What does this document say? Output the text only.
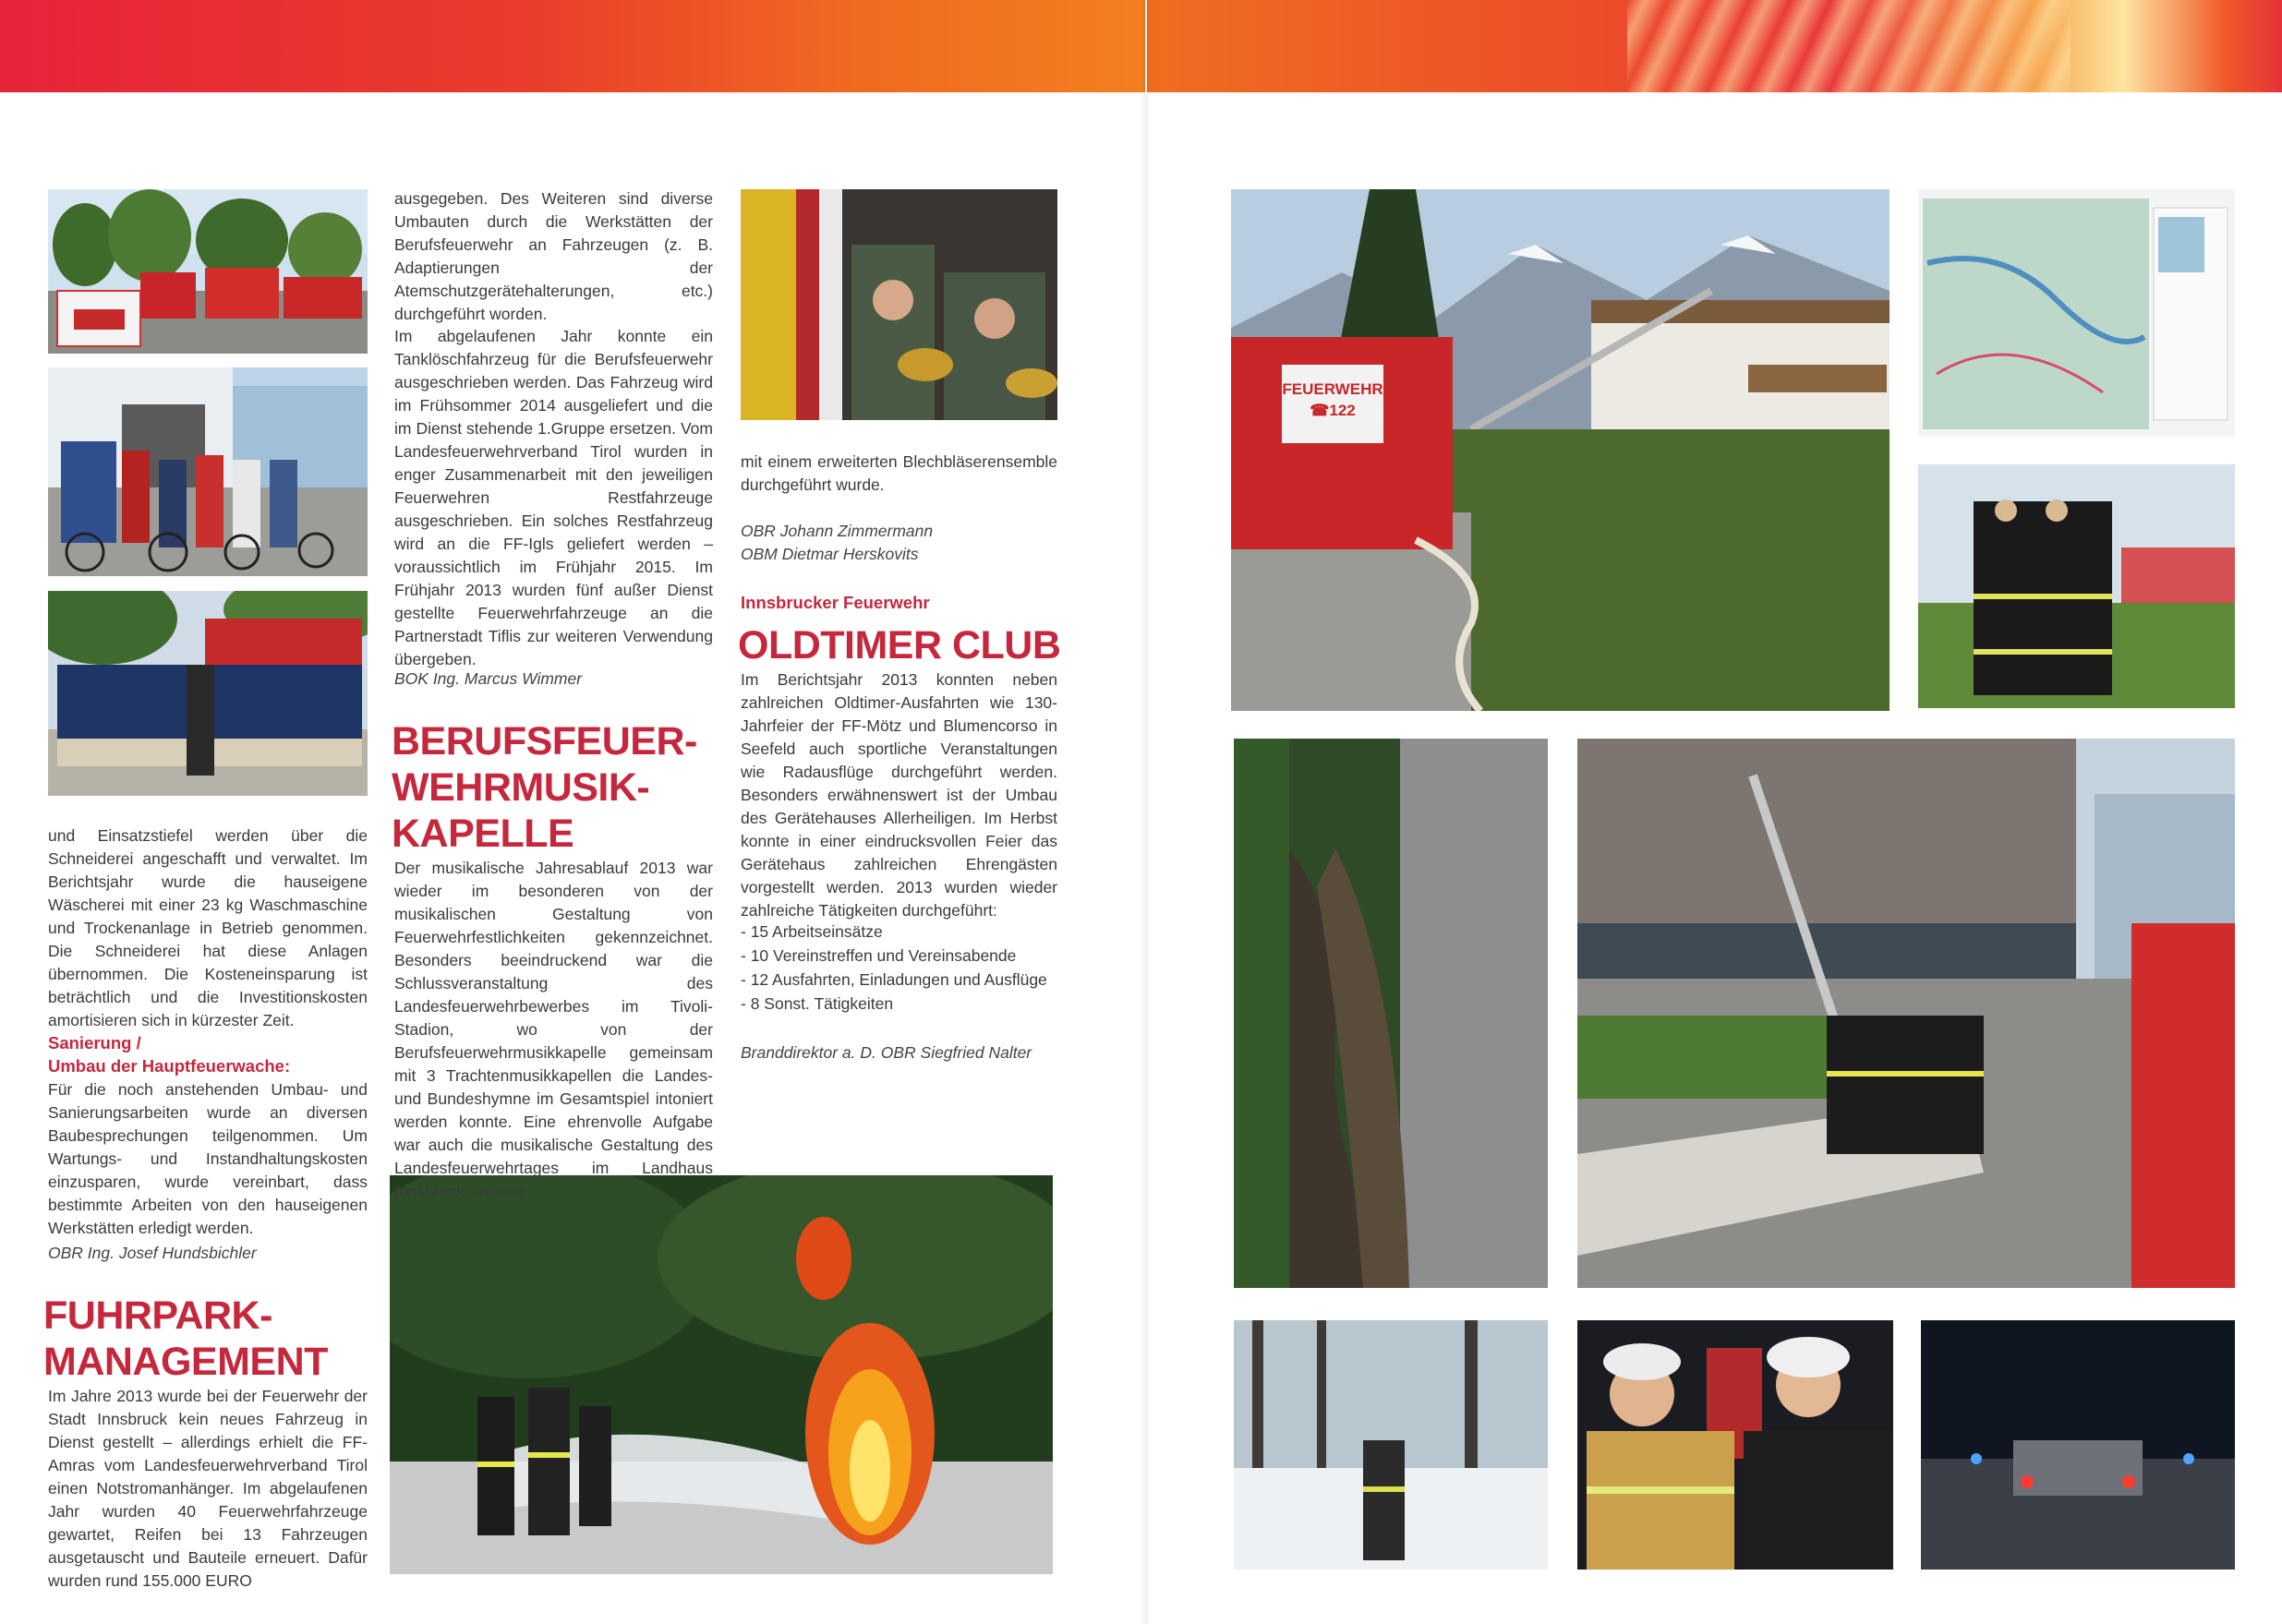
und Einsatzstiefel werden über die Schneiderei angeschafft und verwaltet. Im Berichtsjahr wurde die hauseigene Wäscherei mit einer 23 kg Waschmaschine und Trockenanlage in Betrieb genommen. Die Schneiderei hat diese Anlagen übernommen. Die Kosteneinsparung ist beträchtlich und die Investitionskosten amortisieren sich in kürzester Zeit.

Sanierung /

Umbau der Hauptfeuerwache:

Für die noch anstehenden Umbau- und Sanierungsarbeiten wurde an diversen Baubesprechungen teilgenommen. Um Wartungs- und Instandhaltungskosten einzusparen, wurde vereinbart, dass bestimmte Arbeiten von den hauseigenen Werkstätten erledigt werden.

OBR Ing. Josef Hundsbichler

FUHRPARK-
MANAGEMENT

Im Jahre 2013 wurde bei der Feuerwehr der Stadt Innsbruck kein neues Fahrzeug in Dienst gestellt – allerdings erhielt die FF-Amras vom Landesfeuerwehrverband Tirol einen Notstromanhänger. Im abgelaufenen Jahr wurden 40 Feuerwehrfahrzeuge gewartet, Reifen bei 13 Fahrzeugen ausgetauscht und Bauteile erneuert. Dafür wurden rund 155.000 EURO

ausgegeben. Des Weiteren sind diverse Umbauten durch die Werkstätten der Berufsfeuerwehr an Fahrzeugen (z. B. Adaptierungen der Atemschutzgerätehalterungen, etc.) durchgeführt worden.

Im abgelaufenen Jahr konnte ein Tanklöschfahrzeug für die Berufsfeuerwehr ausgeschrieben werden. Das Fahrzeug wird im Frühsommer 2014 ausgeliefert und die im Dienst stehende 1.Gruppe ersetzen. Vom Landesfeuerwehrverband Tirol wurden in enger Zusammenarbeit mit den jeweiligen Feuerwehren Restfahrzeuge ausgeschrieben. Ein solches Restfahrzeug wird an die FF-Igls geliefert werden – voraussichtlich im Frühjahr 2015. Im Frühjahr 2013 wurden fünf außer Dienst gestellte Feuerwehrfahrzeuge an die Partnerstadt Tiflis zur weiteren Verwendung übergeben.

BOK Ing. Marcus Wimmer

BERUFSFEUER-
WEHRMUSIK-
KAPELLE

Der musikalische Jahresablauf 2013 war wieder im besonderen von der musikalischen Gestaltung von Feuerwehrfestlichkeiten gekennzeichnet. Besonders beeindruckend war die Schlussveranstaltung des Landesfeuerwehrbewerbes im Tivoli-Stadion, wo von der Berufsfeuerwehrmusikkapelle gemeinsam mit 3 Trachtenmusikkapellen die Landes- und Bundeshymne im Gesamtspiel intoniert werden konnte. Eine ehrenvolle Aufgabe war auch die musikalische Gestaltung des Landesfeuerwehrtages im Landhaus Innsbruck, welche

mit einem erweiterten Blechbläserensemble durchgeführt wurde.

OBR Johann Zimmermann

OBM Dietmar Herskovits

Innsbrucker Feuerwehr

OLDTIMER CLUB

Im Berichtsjahr 2013 konnten neben zahlreichen Oldtimer-Ausfahrten wie 130-Jahrfeier der FF-Mötz und Blumencorso in Seefeld auch sportliche Veranstaltungen wie Radausflüge durchgeführt werden. Besonders erwähnenswert ist der Umbau des Gerätehauses Allerheiligen. Im Herbst konnte in einer eindrucksvollen Feier das Gerätehaus zahlreichen Ehrengästen vorgestellt werden. 2013 wurden wieder zahlreiche Tätigkeiten durchgeführt:

- 15 Arbeitseinsätze
- 10 Vereinstreffen und Vereinsabende
- 12 Ausfahrten, Einladungen und Ausflüge
- 8 Sonst. Tätigkeiten

Branddirektor a. D. OBR Siegfried Nalter

FEUERWEHR
☎122
